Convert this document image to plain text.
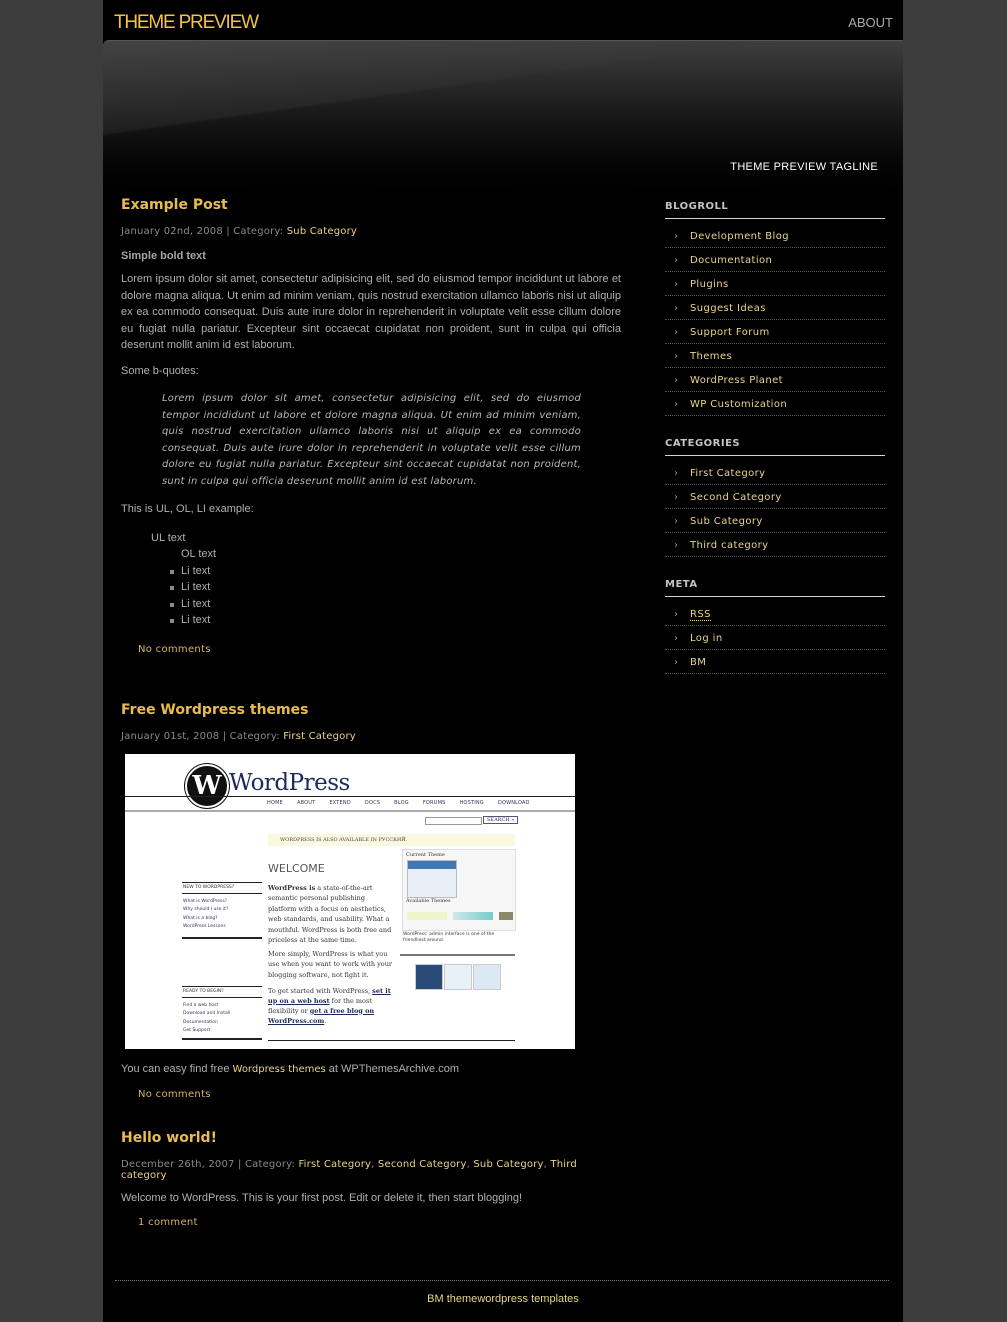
THEME PREVIEW	ABOUT
THEME PREVIEW TAGLINE
Example Post
January 02nd, 2008 | Category: Sub Category
Simple bold text

Lorem ipsum dolor sit amet, consectetur adipisicing elit, sed do eiusmod tempor incididunt ut labore et dolore magna aliqua. Ut enim ad minim veniam, quis nostrud exercitation ullamco laboris nisi ut aliquip ex ea commodo consequat. Duis aute irure dolor in reprehenderit in voluptate velit esse cillum dolore eu fugiat nulla pariatur. Excepteur sint occaecat cupidatat non proident, sunt in culpa qui officia deserunt mollit anim id est laborum.

Some b-quotes:

Lorem ipsum dolor sit amet, consectetur adipisicing elit, sed do eiusmod tempor incididunt ut labore et dolore magna aliqua. Ut enim ad minim veniam, quis nostrud exercitation ullamco laboris nisi ut aliquip ex ea commodo consequat. Duis aute irure dolor in reprehenderit in voluptate velit esse cillum dolore eu fugiat nulla pariatur. Excepteur sint occaecat cupidatat non proident, sunt in culpa qui officia deserunt mollit anim id est laborum.

This is UL, OL, LI example:

UL text
OL text
Li text
Li text
Li text
Li text
No comments
Free Wordpress themes
January 01st, 2008 | Category: First Category
W WordPress
HOME	ABOUT	EXTEND	DOCS	BLOG	FORUMS	HOSTING	DOWNLOAD
SEARCH »
WORDPRESS IS ALSO AVAILABLE IN РУССКИЙ.
WELCOME
WordPress is a state-of-the-art semantic personal publishing platform with a focus on aesthetics, web standards, and usability. What a mouthful. WordPress is both free and priceless at the same time.
More simply, WordPress is what you use when you want to work with your blogging software, not fight it.
To get started with WordPress, set it up on a web host for the most flexibility or get a free blog on WordPress.com.
NEW TO WORDPRESS?
What is WordPress?
Why should I use it?
What is a blog?
WordPress Lessons
READY TO BEGIN?
Find a web host
Download and Install
Documentation
Get Support
Current Theme
Available Themes
WordPress' admin interface is one of the friendliest around.

You can easy find free Wordpress themes at WPThemesArchive.com

No comments
Hello world!
December 26th, 2007 | Category: First Category, Second Category, Sub Category, Third category

Welcome to WordPress. This is your first post. Edit or delete it, then start blogging!

1 comment
BLOGROLL
› Development Blog
› Documentation
› Plugins
› Suggest Ideas
› Support Forum
› Themes
› WordPress Planet
› WP Customization
CATEGORIES
› First Category
› Second Category
› Sub Category
› Third category
META
› RSS
› Log in
› BM
BM themewordpress templates
